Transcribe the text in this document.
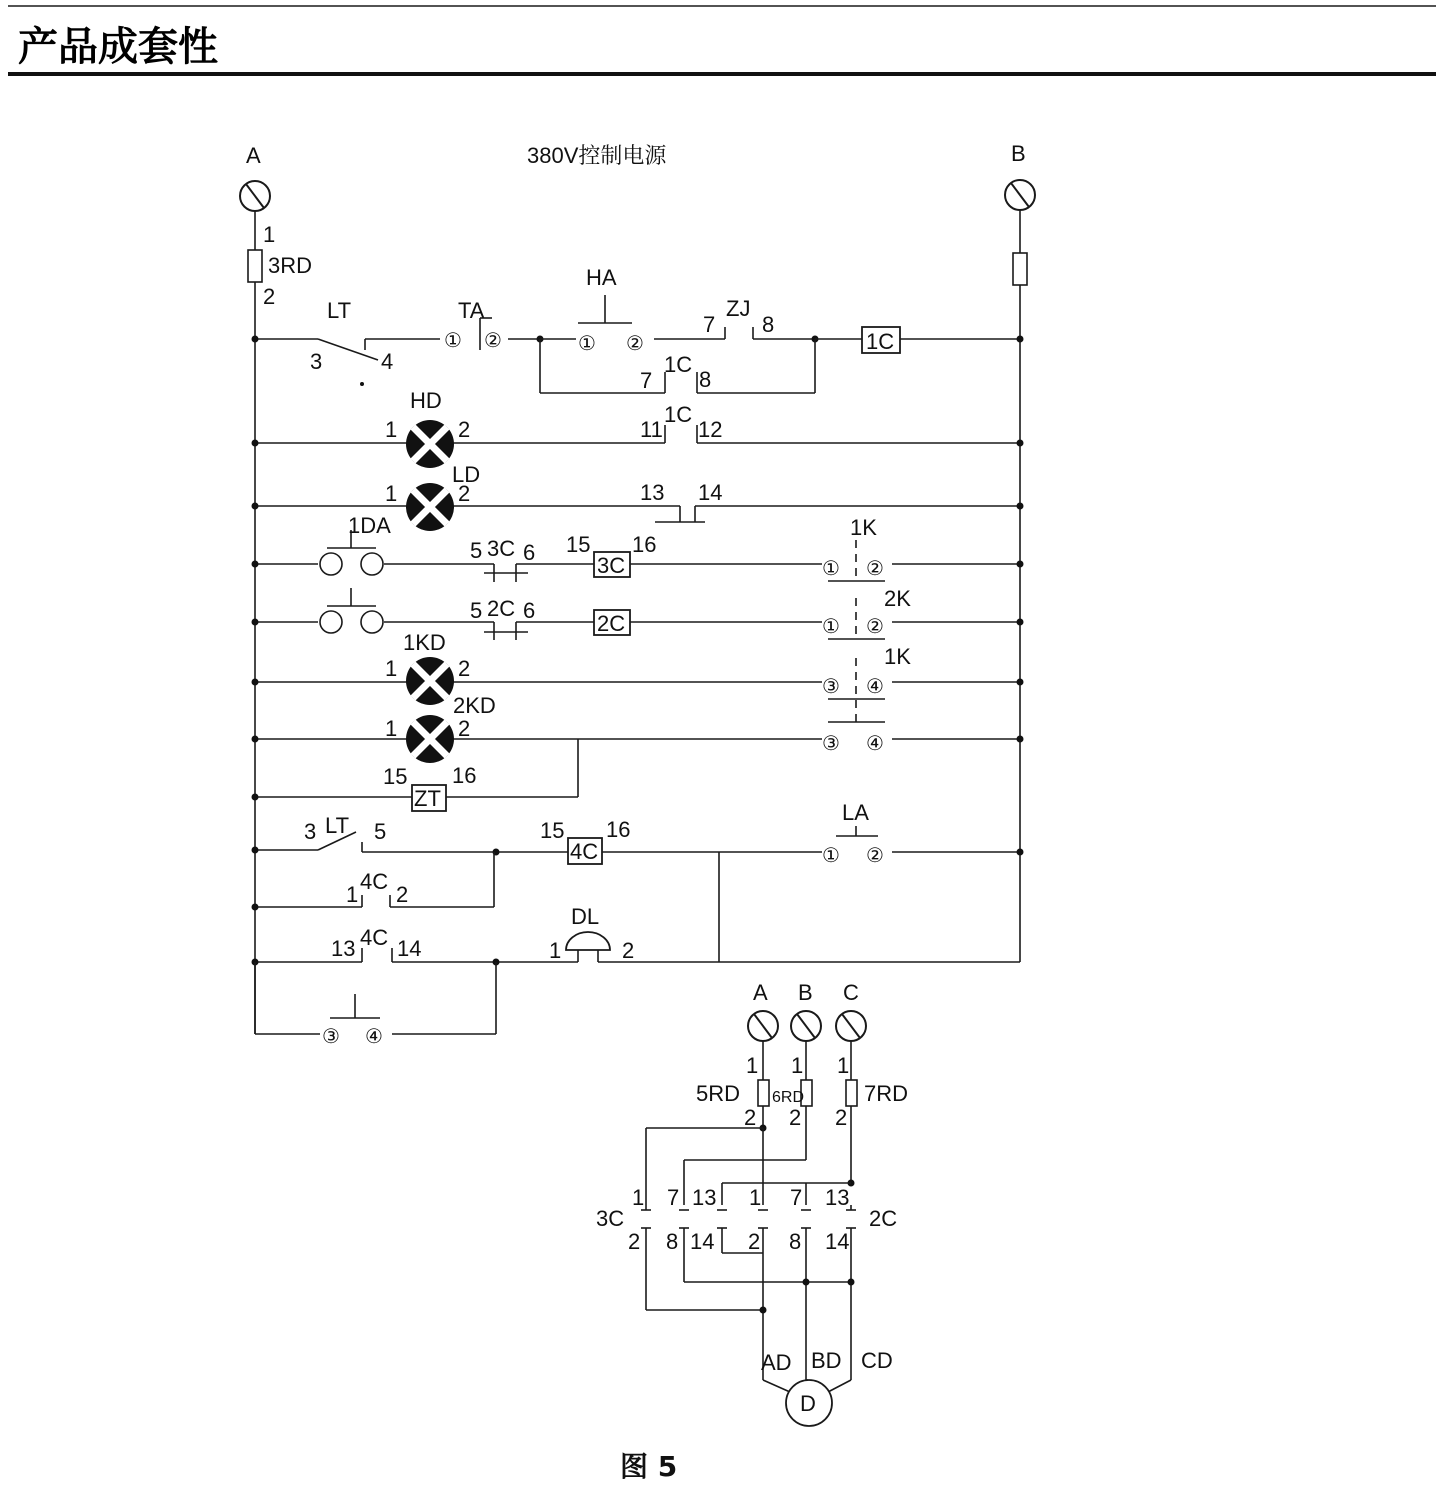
产品成套性
A	380V控制电源	B
1
3RD
2
LT
3	4
TA
① ②
HA
① ②
7
ZJ
8
1C
7
1C
8
HD
1	2	11
1C
12
LD
1	2	13 14
1DA
5 3C 6 15
3C
16
① ②
1K
5 2C 6
2C	① ②
2K
1KD
1	2
③ ④
1K
2KD
1	2
③ ④
ZT
15 16
3 LT 5	15
4C
16
LA
① ②
1
4C
2
13 4C 14
DL
1	2
③ ④
A B C
1 1 1
5RD 6RD	7RD
2 2 2
3C
1 7 13 1 7 13
2 8 14 2 8 14
2C
AD BD CD
D
图 5
